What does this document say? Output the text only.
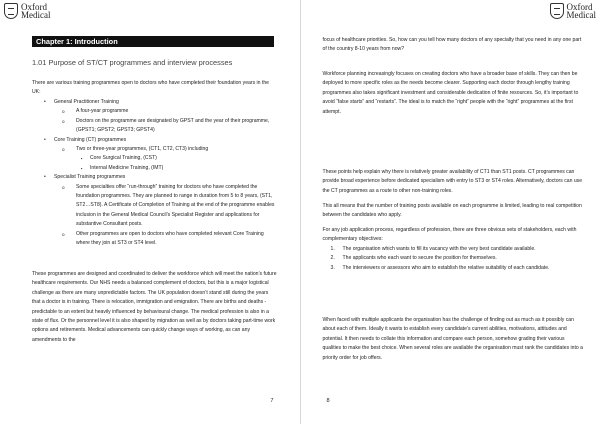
Oxford
Medical
Chapter 1: Introduction
1.01 Purpose of ST/CT programmes and interview processes

There are various training programmes open to doctors who have completed their foundation years in the UK:

• General Practitioner Training
o A four-year programme
o Doctors on the programme are designated by GPST and the year of their programme, (GPST1; GPST2; GPST3; GPST4)
• Core Training (CT) programmes
o Two or three-year programmes, (CT1, CT2, CT3) including
▪ Core Surgical Training, (CST)
▪ Internal Medicine Training, (IMT)
• Specialist Training programmes
o Some specialties offer “run-through” training for doctors who have completed the foundation programmes. They are planned to range in duration from 5 to 8 years, (ST1, ST2…ST8). A Certificate of Completion of Training at the end of the programme enables inclusion in the General Medical Council’s Specialist Register and applications for substantive Consultant posts.
o Other programmes are open to doctors who have completed relevant Core Training where they join at ST3 or ST4 level.

These programmes are designed and coordinated to deliver the workforce which will meet the nation’s future healthcare requirements. Our NHS needs a balanced complement of doctors, but this is a major logistical challenge as there are many unpredictable factors. The UK population doesn’t stand still during the years that a doctor is in training. There is relocation, immigration and emigration. There are births and deaths - predictable to an extent but heavily influenced by behavioural change. The medical profession is also in a state of flux. Or the personnel level it is also shaped by migration as well as by doctors taking part-time work options and retirements. Medical advancements can quickly change ways of working, as can any amendments to the

7
Oxford
Medical

focus of healthcare priorities. So, how can you tell how many doctors of any specialty that you need in any one part of the country 8-10 years from now?

Workforce planning increasingly focuses on creating doctors who have a broader base of skills. They can then be deployed to more specific roles as the needs become clearer. Supporting each doctor through lengthy training programmes also takes significant investment and considerable dedication of finite resources. So, it’s important to avoid “false starts” and “restarts”. The ideal is to match the “right” people with the “right” programmes at the first attempt.

These points help explain why there is relatively greater availability of CT1 than ST1 posts. CT programmes can provide broad experience before dedicated specialism with entry to ST3 or ST4 roles. Alternatively, doctors can use the CT programmes as a route to other non-training roles.

This all means that the number of training posts available on each programme is limited, leading to real competition between the candidates who apply.

For any job application process, regardless of profession, there are three obvious sets of stakeholders, each with complementary objectives:

1. The organisation which wants to fill its vacancy with the very best candidate available.
2. The applicants who each want to secure the position for themselves.
3. The interviewers or assessors who aim to establish the relative suitability of each candidate.

When faced with multiple applicants the organisation has the challenge of finding out as much as it possibly can about each of them. Ideally it wants to establish every candidate’s current abilities, motivations, attitudes and potential. It then needs to collate this information and compare each person, somehow grading their various qualities to make the best choice. When several roles are available the organisation must rank the candidates into a priority order for job offers.

8
